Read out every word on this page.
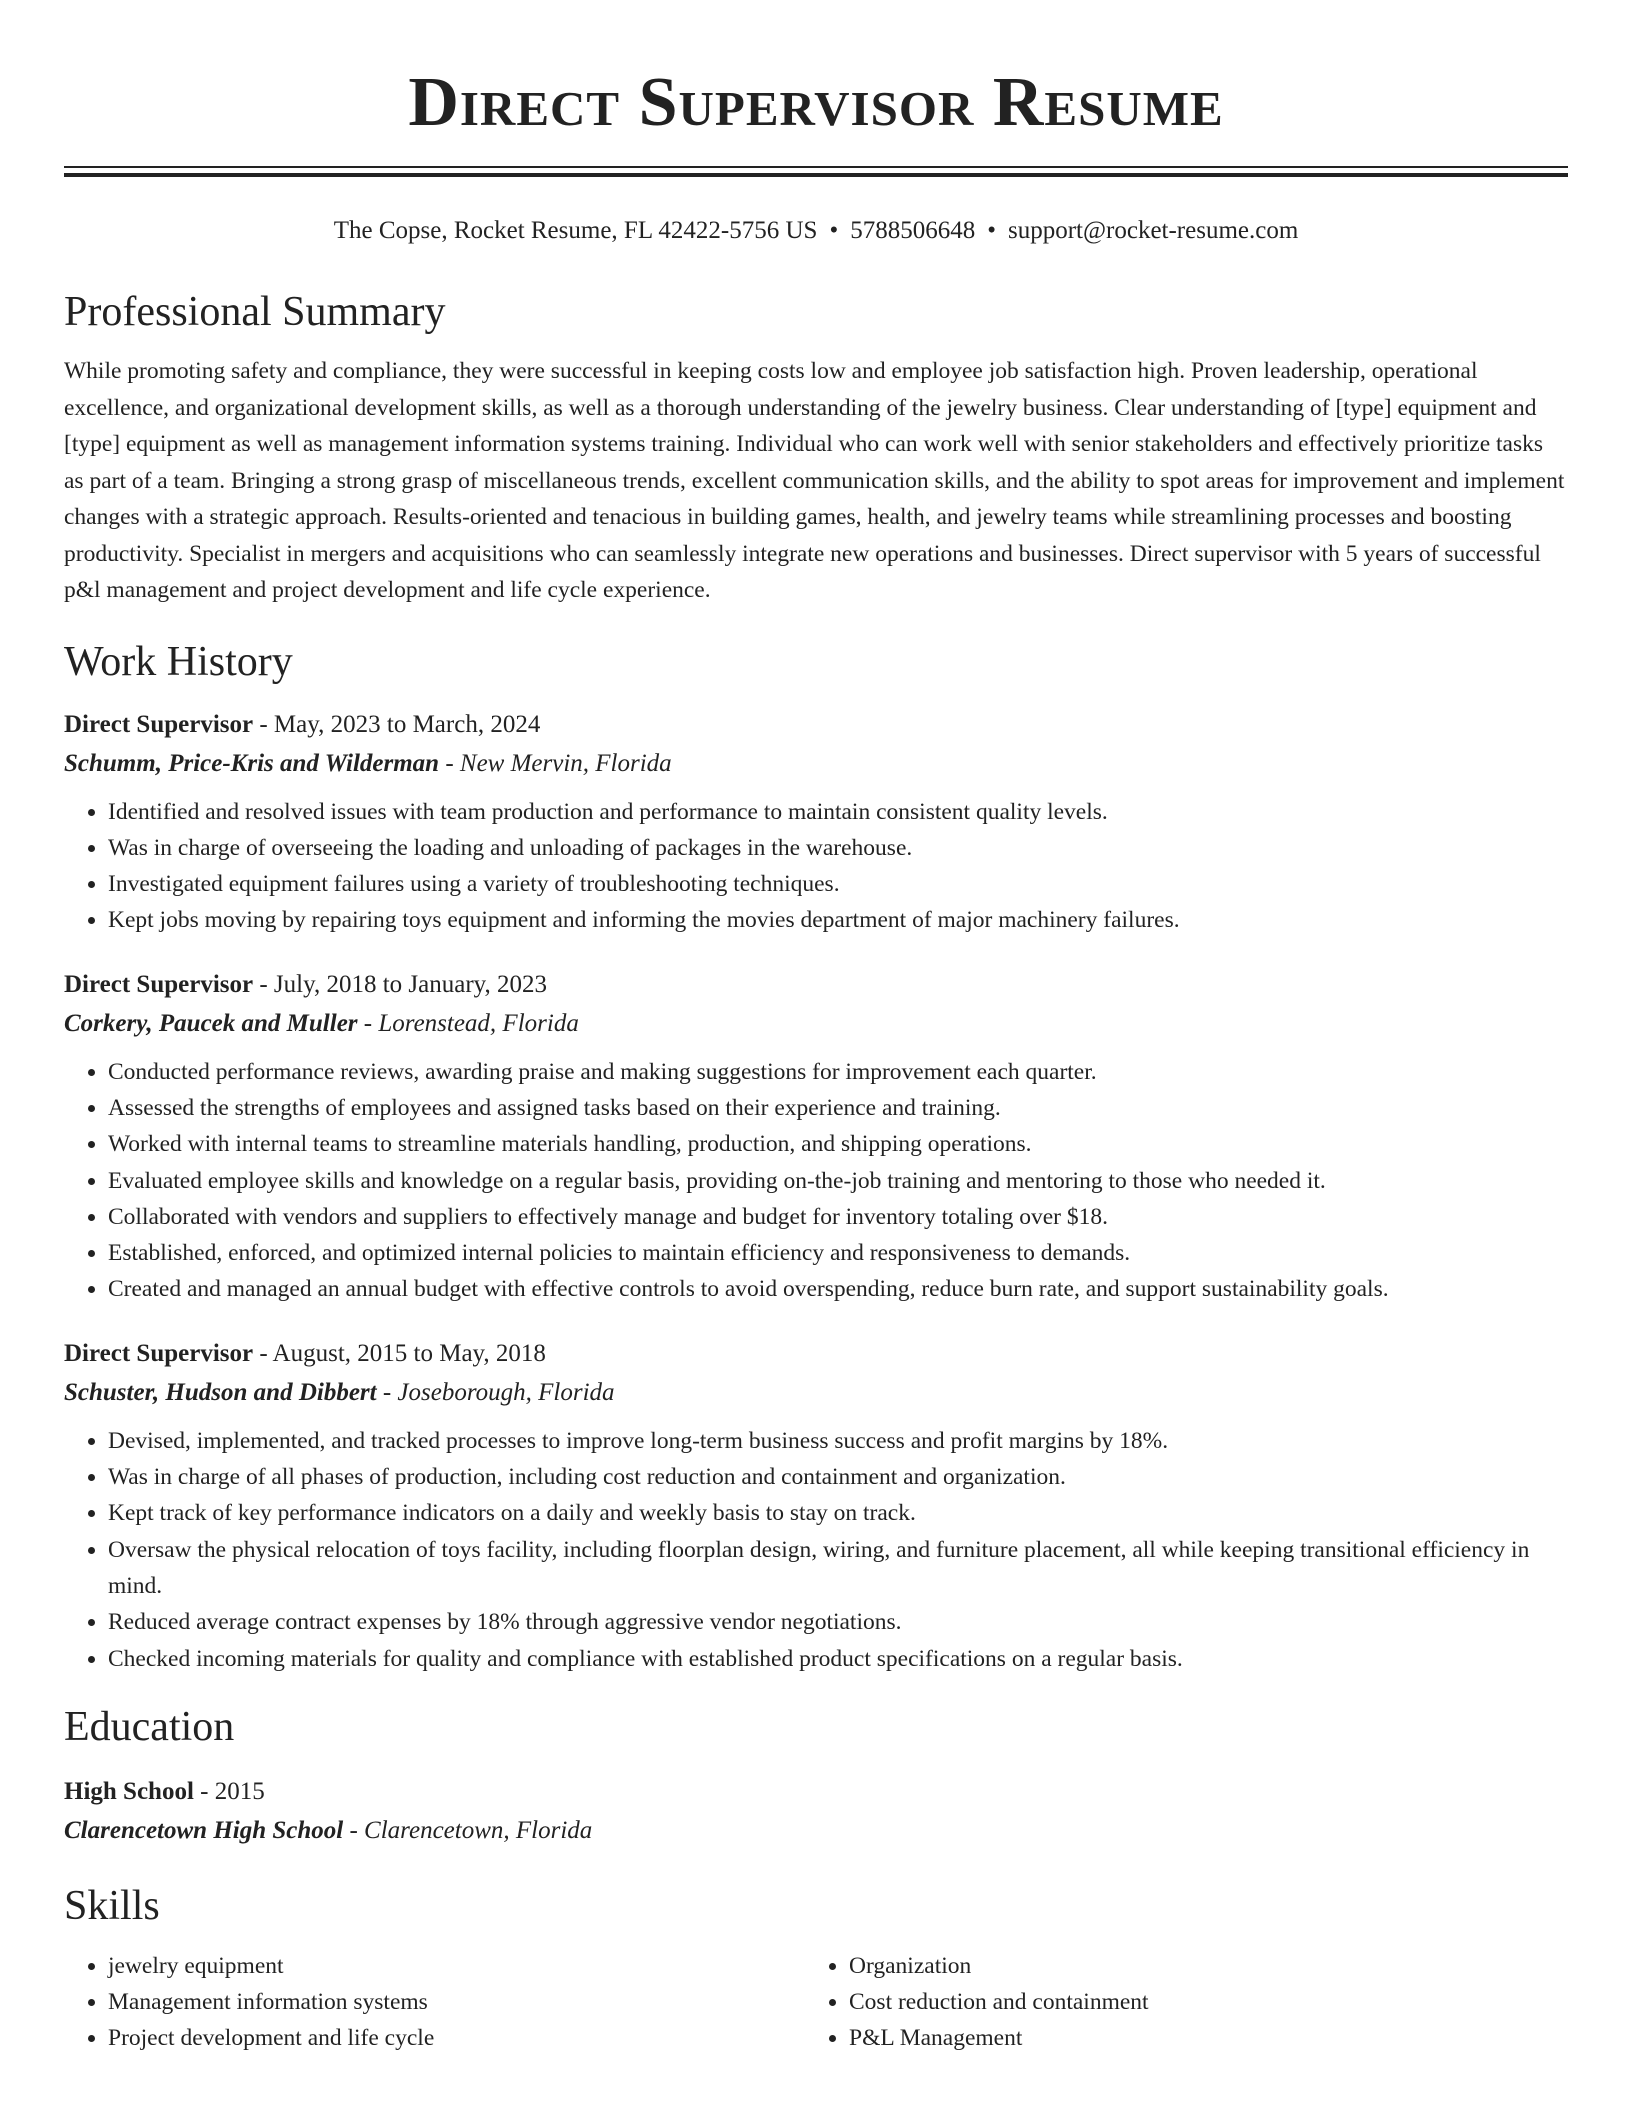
Direct Supervisor Resume
The Copse, Rocket Resume, FL 42422-5756 US • 5788506648 • support@rocket-resume.com
Professional Summary

While promoting safety and compliance, they were successful in keeping costs low and employee job satisfaction high. Proven leadership, operational excellence, and organizational development skills, as well as a thorough understanding of the jewelry business. Clear understanding of [type] equipment and [type] equipment as well as management information systems training. Individual who can work well with senior stakeholders and effectively prioritize tasks as part of a team. Bringing a strong grasp of miscellaneous trends, excellent communication skills, and the ability to spot areas for improvement and implement changes with a strategic approach. Results-oriented and tenacious in building games, health, and jewelry teams while streamlining processes and boosting productivity. Specialist in mergers and acquisitions who can seamlessly integrate new operations and businesses. Direct supervisor with 5 years of successful p&l management and project development and life cycle experience.

Work History
Direct Supervisor - May, 2023 to March, 2024
Schumm, Price-Kris and Wilderman - New Mervin, Florida
• Identified and resolved issues with team production and performance to maintain consistent quality levels.
• Was in charge of overseeing the loading and unloading of packages in the warehouse.
• Investigated equipment failures using a variety of troubleshooting techniques.
• Kept jobs moving by repairing toys equipment and informing the movies department of major machinery failures.
Direct Supervisor - July, 2018 to January, 2023
Corkery, Paucek and Muller - Lorenstead, Florida
• Conducted performance reviews, awarding praise and making suggestions for improvement each quarter.
• Assessed the strengths of employees and assigned tasks based on their experience and training.
• Worked with internal teams to streamline materials handling, production, and shipping operations.
• Evaluated employee skills and knowledge on a regular basis, providing on-the-job training and mentoring to those who needed it.
• Collaborated with vendors and suppliers to effectively manage and budget for inventory totaling over $18.
• Established, enforced, and optimized internal policies to maintain efficiency and responsiveness to demands.
• Created and managed an annual budget with effective controls to avoid overspending, reduce burn rate, and support sustainability goals.
Direct Supervisor - August, 2015 to May, 2018
Schuster, Hudson and Dibbert - Joseborough, Florida
• Devised, implemented, and tracked processes to improve long-term business success and profit margins by 18%.
• Was in charge of all phases of production, including cost reduction and containment and organization.
• Kept track of key performance indicators on a daily and weekly basis to stay on track.
• Oversaw the physical relocation of toys facility, including floorplan design, wiring, and furniture placement, all while keeping transitional efficiency in mind.
• Reduced average contract expenses by 18% through aggressive vendor negotiations.
• Checked incoming materials for quality and compliance with established product specifications on a regular basis.
Education
High School - 2015
Clarencetown High School - Clarencetown, Florida
Skills
• jewelry equipment
• Management information systems
• Project development and life cycle
• Organization
• Cost reduction and containment
• P&L Management
